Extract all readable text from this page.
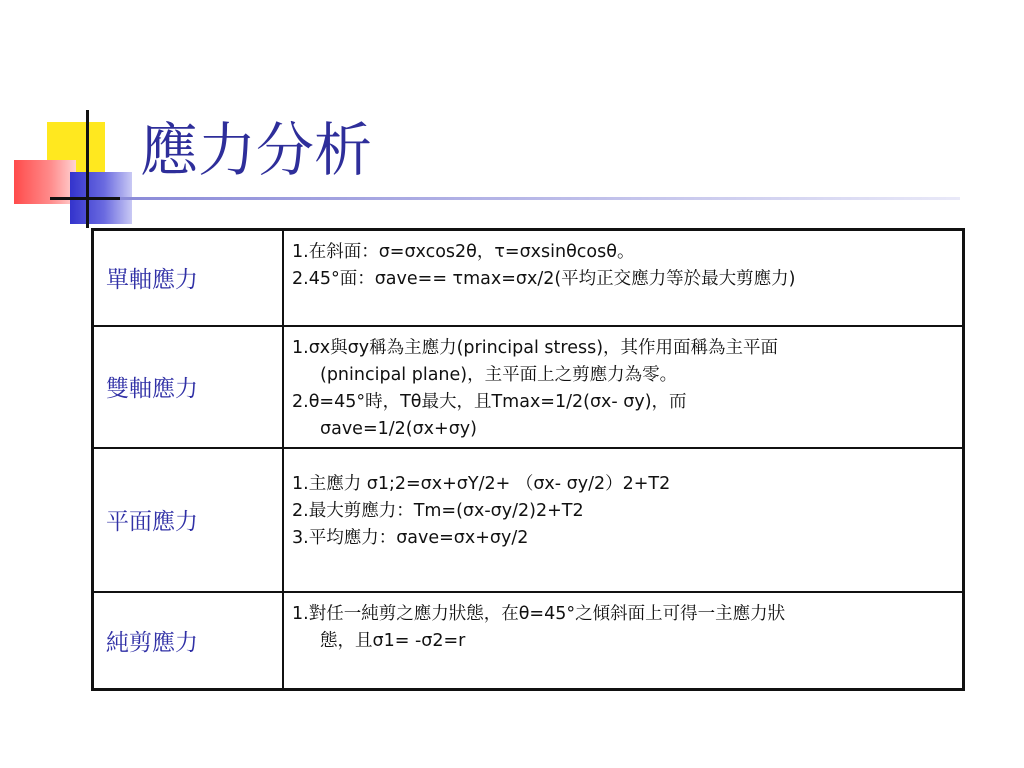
應力分析
單軸應力	1.在斜面：σ=σxcos2θ，τ=σxsinθcosθ。

2.45°面：σave== τmax=σx/2(平均正交應力等於最大剪應力)

雙軸應力	1.σx與σy稱為主應力(principal stress)，其作用面稱為主平面

(pnincipal plane)，主平面上之剪應力為零。

2.θ=45°時，Tθ最大，且Tmax=1/2(σx- σy)，而

σave=1/2(σx+σy)

平面應力	1.主應力 σ1;2=σx+σY/2+ （σx- σy/2）2+T2

2.最大剪應力：Tm=(σx-σy/2)2+T2

3.平均應力：σave=σx+σy/2

純剪應力	1.對任一純剪之應力狀態，在θ=45°之傾斜面上可得一主應力狀

態，且σ1= -σ2=r
